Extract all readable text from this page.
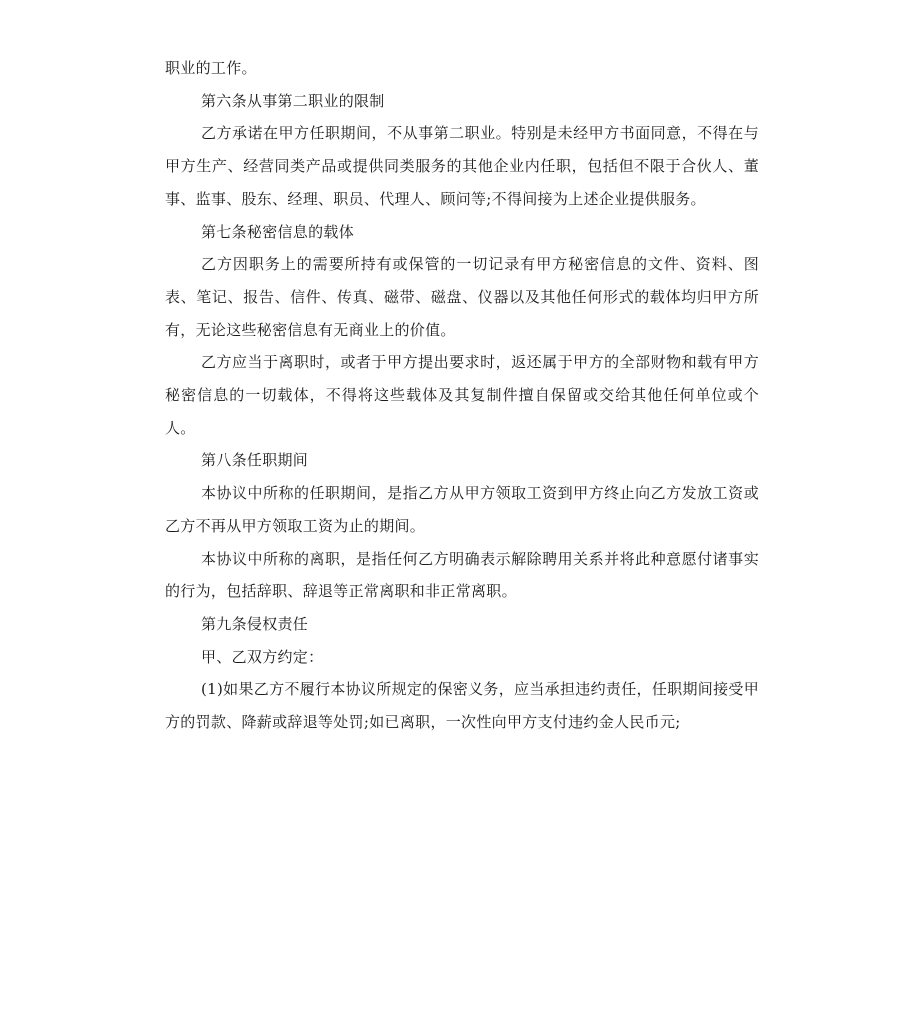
职业的工作。

第六条从事第二职业的限制

乙方承诺在甲方任职期间，不从事第二职业。特别是未经甲方书面同意，不得在与甲方生产、经营同类产品或提供同类服务的其他企业内任职，包括但不限于合伙人、董事、监事、股东、经理、职员、代理人、顾问等;不得间接为上述企业提供服务。

第七条秘密信息的载体

乙方因职务上的需要所持有或保管的一切记录有甲方秘密信息的文件、资料、图表、笔记、报告、信件、传真、磁带、磁盘、仪器以及其他任何形式的载体均归甲方所有，无论这些秘密信息有无商业上的价值。

乙方应当于离职时，或者于甲方提出要求时，返还属于甲方的全部财物和载有甲方秘密信息的一切载体，不得将这些载体及其复制件擅自保留或交给其他任何单位或个人。

第八条任职期间

本协议中所称的任职期间，是指乙方从甲方领取工资到甲方终止向乙方发放工资或乙方不再从甲方领取工资为止的期间。

本协议中所称的离职，是指任何乙方明确表示解除聘用关系并将此种意愿付诸事实的行为，包括辞职、辞退等正常离职和非正常离职。

第九条侵权责任

甲、乙双方约定：

(1)如果乙方不履行本协议所规定的保密义务，应当承担违约责任，任职期间接受甲方的罚款、降薪或辞退等处罚;如已离职，一次性向甲方支付违约金人民币元;
